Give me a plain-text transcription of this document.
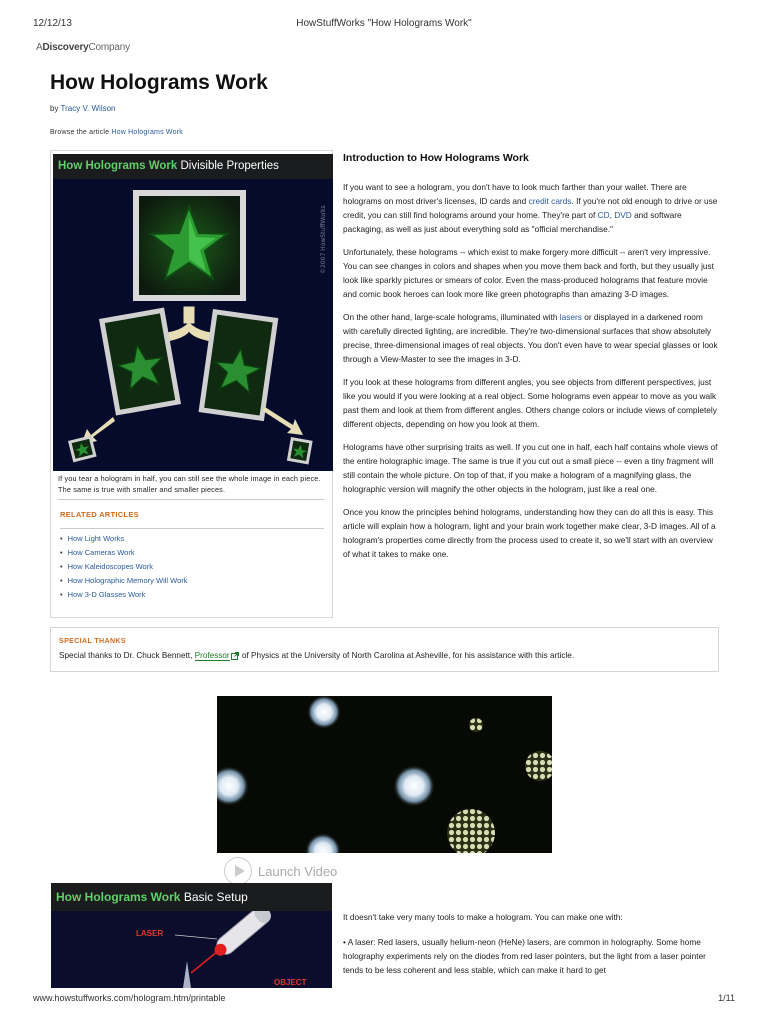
12/12/13	HowStuffWorks "How Holograms Work"
ADiscoveryCompany
How Holograms Work
by Tracy V. Wilson
Browse the article How Holograms Work
How Holograms Work Divisible Properties
©2007 HowStuffWorks
If you tear a hologram in half, you can still see the whole image in each piece. The same is true with smaller and smaller pieces.
RELATED ARTICLES
• How Light Works
• How Cameras Work
• How Kaleidoscopes Work
• How Holographic Memory Will Work
• How 3-D Glasses Work
Introduction to How Holograms Work

If you want to see a hologram, you don't have to look much farther than your wallet. There are holograms on most driver's licenses, ID cards and credit cards. If you're not old enough to drive or use credit, you can still find holograms around your home. They're part of CD, DVD and software packaging, as well as just about everything sold as "official merchandise."

Unfortunately, these holograms -- which exist to make forgery more difficult -- aren't very impressive. You can see changes in colors and shapes when you move them back and forth, but they usually just look like sparkly pictures or smears of color. Even the mass-produced holograms that feature movie and comic book heroes can look more like green photographs than amazing 3-D images.

On the other hand, large-scale holograms, illuminated with lasers or displayed in a darkened room with carefully directed lighting, are incredible. They're two-dimensional surfaces that show absolutely precise, three-dimensional images of real objects. You don't even have to wear special glasses or look through a View-Master to see the images in 3-D.

If you look at these holograms from different angles, you see objects from different perspectives, just like you would if you were looking at a real object. Some holograms even appear to move as you walk past them and look at them from different angles. Others change colors or include views of completely different objects, depending on how you look at them.

Holograms have other surprising traits as well. If you cut one in half, each half contains whole views of the entire holographic image. The same is true if you cut out a small piece -- even a tiny fragment will still contain the whole picture. On top of that, if you make a hologram of a magnifying glass, the holographic version will magnify the other objects in the hologram, just like a real one.

Once you know the principles behind holograms, understanding how they can do all this is easy. This article will explain how a hologram, light and your brain work together make clear, 3-D images. All of a hologram's properties come directly from the process used to create it, so we'll start with an overview of what it takes to make one.

SPECIAL THANKS
Special thanks to Dr. Chuck Bennett, Professor of Physics at the University of North Carolina at Asheville, for his assistance with this article.
Launch Video
How Holograms Work Basic Setup
LASER
OBJECT

It doesn't take very many tools to make a hologram. You can make one with:

• A laser: Red lasers, usually helium-neon (HeNe) lasers, are common in holography. Some home holography experiments rely on the diodes from red laser pointers, but the light from a laser pointer tends to be less coherent and less stable, which can make it hard to get

www.howstuffworks.com/hologram.htm/printable	1/11
